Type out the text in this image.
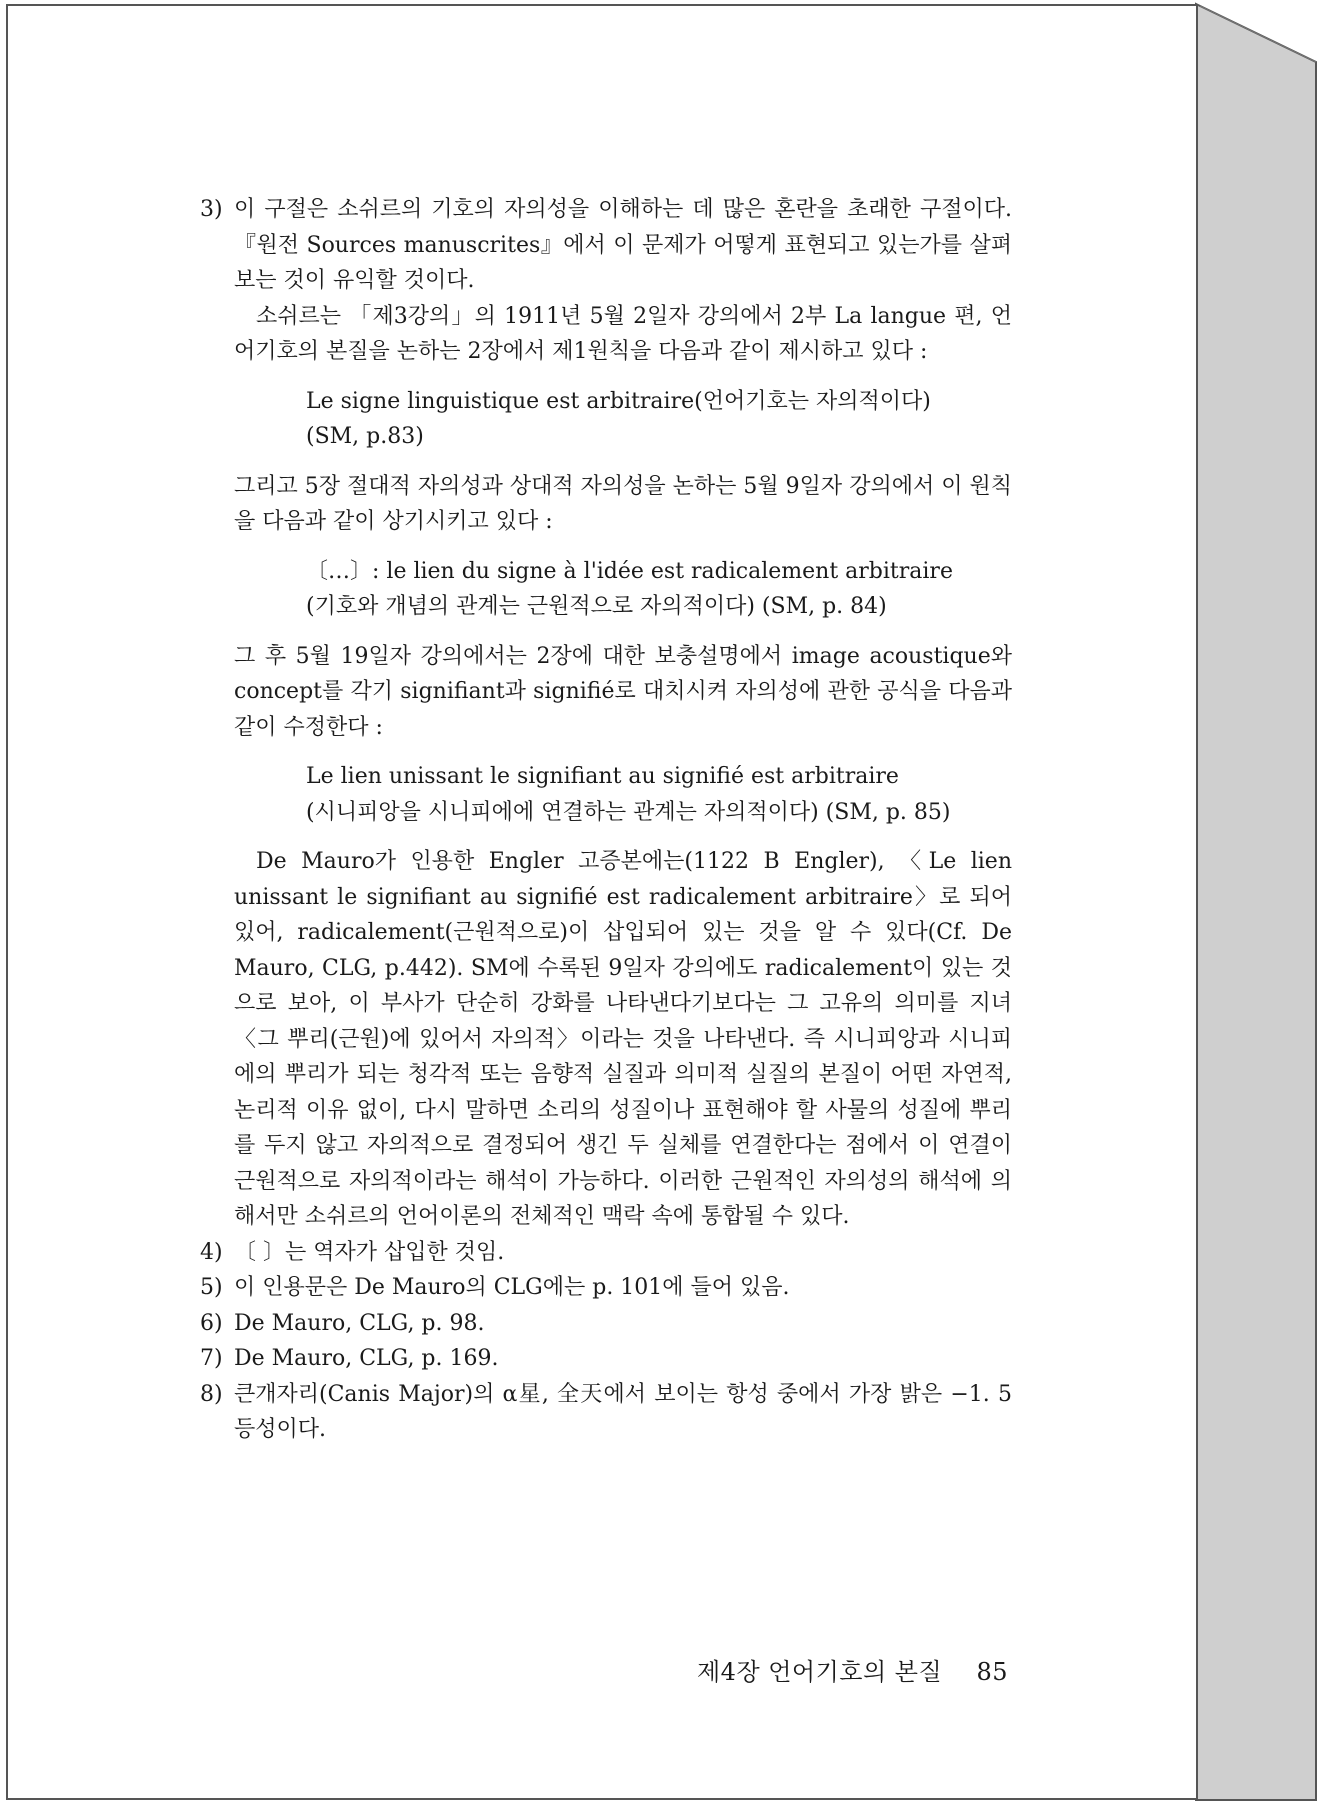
3) 이 구절은 소쉬르의 기호의 자의성을 이해하는 데 많은 혼란을 초래한 구절이다. 『원전 Sources manuscrites』에서 이 문제가 어떻게 표현되고 있는가를 살펴보는 것이 유익할 것이다.

소쉬르는 「제3강의」의 1911년 5월 2일자 강의에서 2부 La langue 편, 언어기호의 본질을 논하는 2장에서 제1원칙을 다음과 같이 제시하고 있다 :

Le signe linguistique est arbitraire(언어기호는 자의적이다)

(SM, p.83)

그리고 5장 절대적 자의성과 상대적 자의성을 논하는 5월 9일자 강의에서 이 원칙을 다음과 같이 상기시키고 있다 :

〔…〕: le lien du signe à l'idée est radicalement arbitraire

(기호와 개념의 관계는 근원적으로 자의적이다) (SM, p. 84)

그 후 5월 19일자 강의에서는 2장에 대한 보충설명에서 image acoustique와 concept를 각기 signifiant과 signifié로 대치시켜 자의성에 관한 공식을 다음과 같이 수정한다 :

Le lien unissant le signifiant au signifié est arbitraire

(시니피앙을 시니피에에 연결하는 관계는 자의적이다) (SM, p. 85)

De Mauro가 인용한 Engler 고증본에는(1122 B Engler), 〈Le lien unissant le signifiant au signifié est radicalement arbitraire〉로 되어 있어, radicalement(근원적으로)이 삽입되어 있는 것을 알 수 있다(Cf. De Mauro, CLG, p.442). SM에 수록된 9일자 강의에도 radicalement이 있는 것으로 보아, 이 부사가 단순히 강화를 나타낸다기보다는 그 고유의 의미를 지녀 〈그 뿌리(근원)에 있어서 자의적〉이라는 것을 나타낸다. 즉 시니피앙과 시니피에의 뿌리가 되는 청각적 또는 음향적 실질과 의미적 실질의 본질이 어떤 자연적, 논리적 이유 없이, 다시 말하면 소리의 성질이나 표현해야 할 사물의 성질에 뿌리를 두지 않고 자의적으로 결정되어 생긴 두 실체를 연결한다는 점에서 이 연결이 근원적으로 자의적이라는 해석이 가능하다. 이러한 근원적인 자의성의 해석에 의해서만 소쉬르의 언어이론의 전체적인 맥락 속에 통합될 수 있다.

4) 〔 〕는 역자가 삽입한 것임.

5) 이 인용문은 De Mauro의 CLG에는 p. 101에 들어 있음.

6) De Mauro, CLG, p. 98.

7) De Mauro, CLG, p. 169.

8) 큰개자리(Canis Major)의 α星, 全天에서 보이는 항성 중에서 가장 밝은 −1. 5등성이다.

제4장 언어기호의 본질 85
